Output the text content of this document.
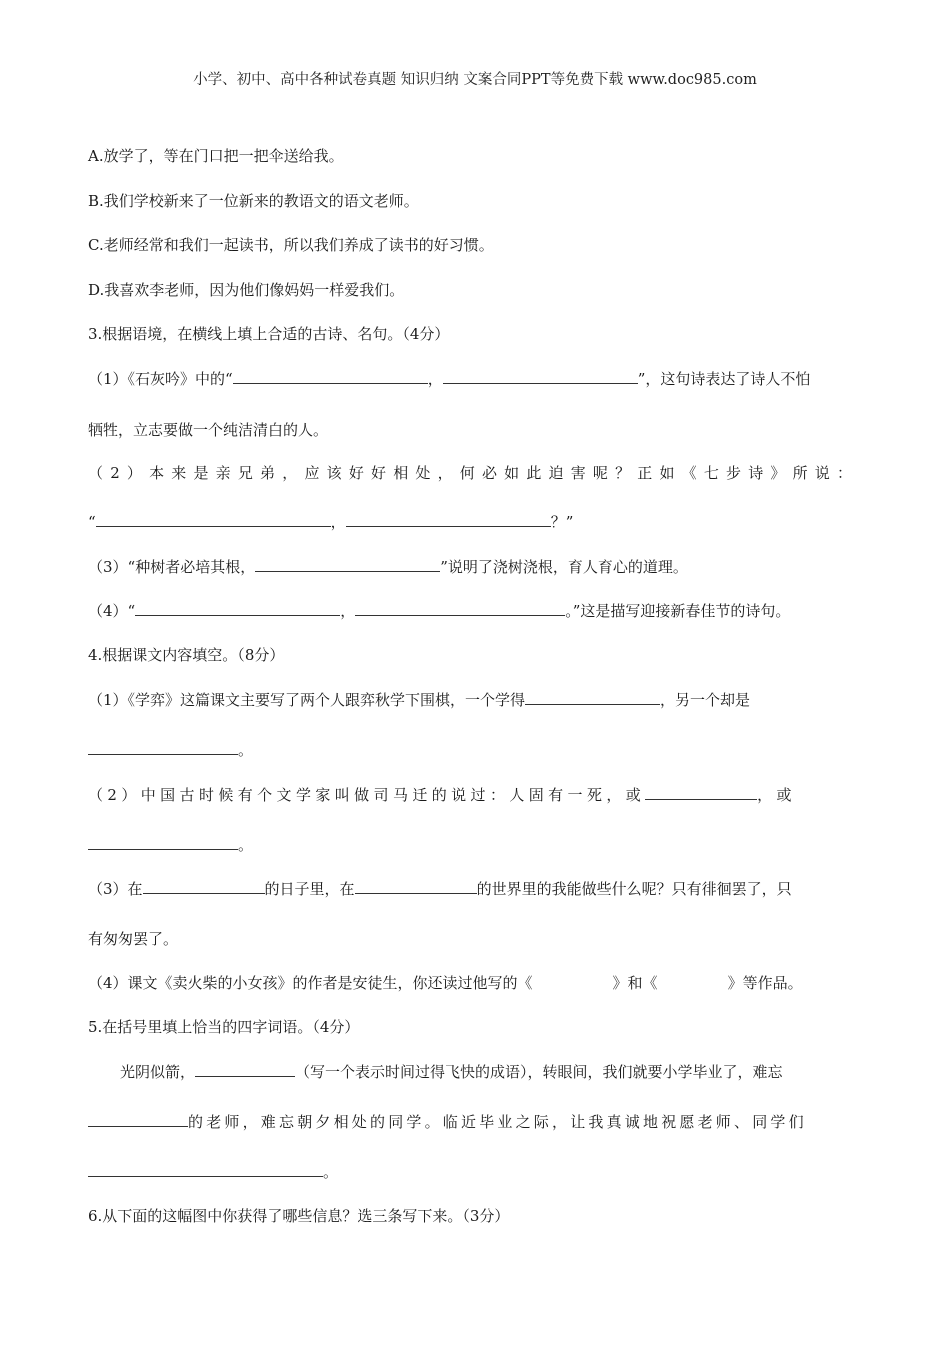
小学、初中、高中各种试卷真题 知识归纳 文案合同PPT等免费下载 www.doc985.com
A.放学了，等在门口把一把伞送给我。
B.我们学校新来了一位新来的教语文的语文老师。
C.老师经常和我们一起读书，所以我们养成了读书的好习惯。
D.我喜欢李老师，因为他们像妈妈一样爱我们。
3.根据语境，在横线上填上合适的古诗、名句。（4分）
（1）《石灰吟》中的“	，	”，这句诗表达了诗人不怕
牺牲，立志要做一个纯洁清白的人。
（2）本来是亲兄弟，应该好好相处，何必如此迫害呢？正如《七步诗》所说：
“	，	？”
（3）“种树者必培其根，	”说明了浇树浇根，育人育心的道理。
（4）“	，	。”这是描写迎接新春佳节的诗句。
4.根据课文内容填空。（8分）
（1）《学弈》这篇课文主要写了两个人跟弈秋学下围棋，一个学得	，另一个却是
。
（2）中国古时候有个文学家叫做司马迁的说过：人固有一死，或	，或
。
（3）在	的日子里，在	的世界里的我能做些什么呢？只有徘徊罢了，只
有匆匆罢了。
（4）课文《卖火柴的小女孩》的作者是安徒生，你还读过他写的《	》和《	》等作品。
5.在括号里填上恰当的四字词语。（4分）
光阴似箭，	（写一个表示时间过得飞快的成语），转眼间，我们就要小学毕业了，难忘
的老师，难忘朝夕相处的同学。临近毕业之际，让我真诚地祝愿老师、同学们
。
6.从下面的这幅图中你获得了哪些信息？选三条写下来。（3分）
